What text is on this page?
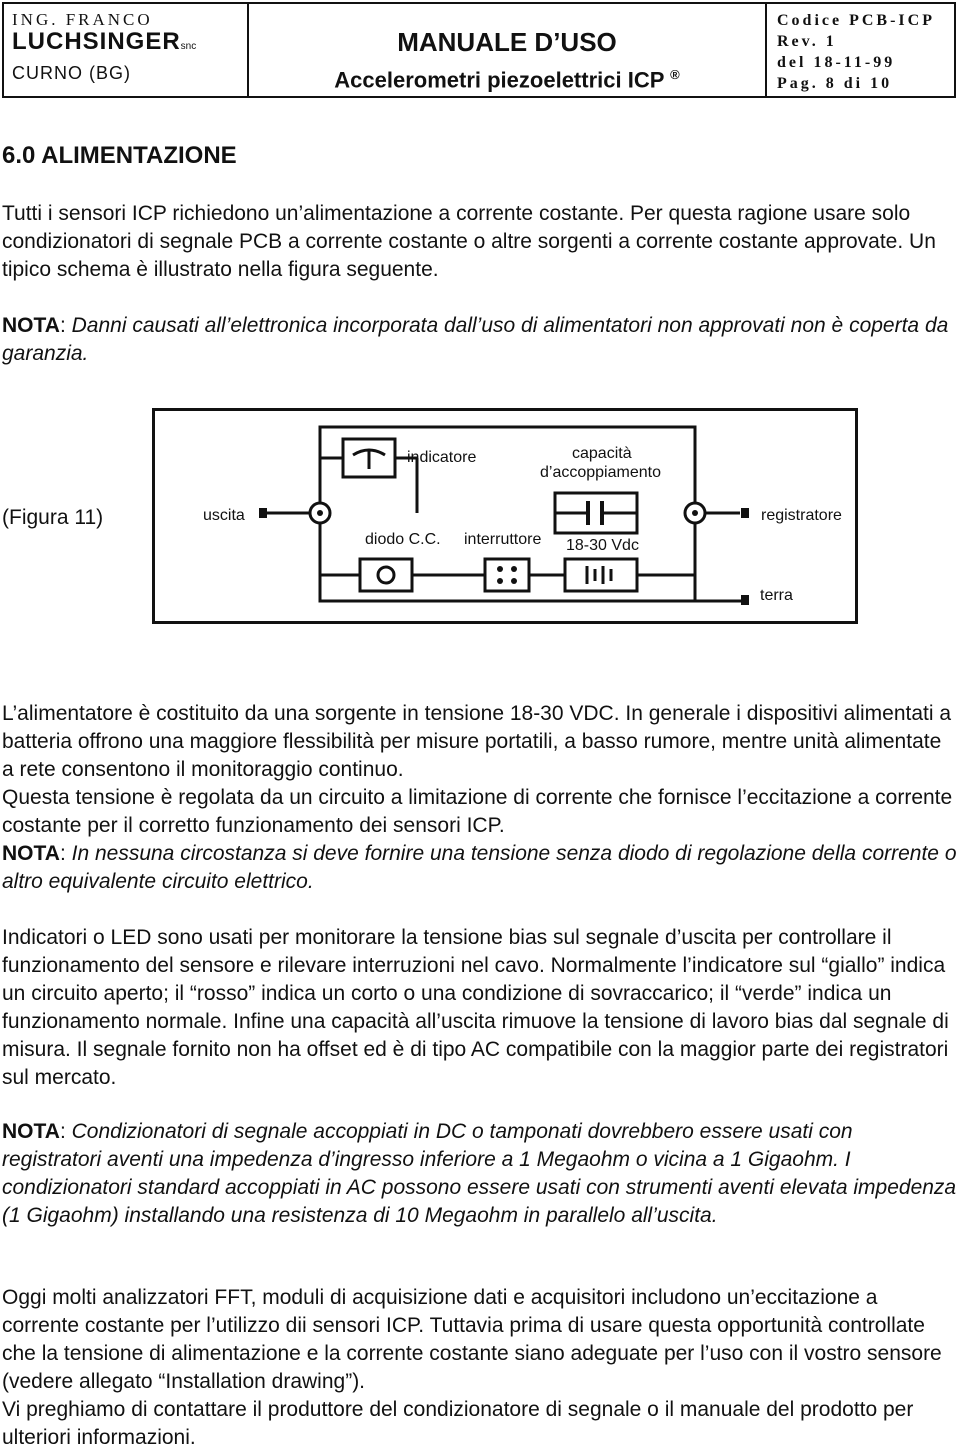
ING. FRANCO
LUCHSINGERsnc
CURNO (BG)
MANUALE D’USO
Accelerometri piezoelettrici ICP ®
Codice PCB-ICP
Rev. 1
del 18-11-99
Pag. 8 di 10
6.0 ALIMENTAZIONE

Tutti i sensori ICP richiedono un’alimentazione a corrente costante. Per questa ragione usare solo condizionatori di segnale PCB a corrente costante o altre sorgenti a corrente costante approvate. Un tipico schema è illustrato nella figura seguente.

NOTA: Danni causati all’elettronica incorporata dall’uso di alimentatori non approvati non è coperta da garanzia.

(Figura 11)
indicatore	capacità
d’accoppiamento
uscita	registratore
diodo C.C. interruttore 18-30 Vdc
terra

L’alimentatore è costituito da una sorgente in tensione 18-30 VDC. In generale i dispositivi alimentati a batteria offrono una maggiore flessibilità per misure portatili, a basso rumore, mentre unità alimentate a rete consentono il monitoraggio continuo.
Questa tensione è regolata da un circuito a limitazione di corrente che fornisce l’eccitazione a corrente costante per il corretto funzionamento dei sensori ICP.
NOTA: In nessuna circostanza si deve fornire una tensione senza diodo di regolazione della corrente o altro equivalente circuito elettrico.

Indicatori o LED sono usati per monitorare la tensione bias sul segnale d’uscita per controllare il funzionamento del sensore e rilevare interruzioni nel cavo. Normalmente l’indicatore sul “giallo” indica un circuito aperto; il “rosso” indica un corto o una condizione di sovraccarico; il “verde” indica un funzionamento normale. Infine una capacità all’uscita rimuove la tensione di lavoro bias dal segnale di misura. Il segnale fornito non ha offset ed è di tipo AC compatibile con la maggior parte dei registratori sul mercato.

NOTA: Condizionatori di segnale accoppiati in DC o tamponati dovrebbero essere usati con registratori aventi una impedenza d’ingresso inferiore a 1 Megaohm o vicina a 1 Gigaohm. I condizionatori standard accoppiati in AC possono essere usati con strumenti aventi elevata impedenza (1 Gigaohm) installando una resistenza di 10 Megaohm in parallelo all’uscita.

Oggi molti analizzatori FFT, moduli di acquisizione dati e acquisitori includono un’eccitazione a corrente costante per l’utilizzo dii sensori ICP. Tuttavia prima di usare questa opportunità controllate che la tensione di alimentazione e la corrente costante siano adeguate per l’uso con il vostro sensore (vedere allegato “Installation drawing”).
Vi preghiamo di contattare il produttore del condizionatore di segnale o il manuale del prodotto per ulteriori informazioni.
